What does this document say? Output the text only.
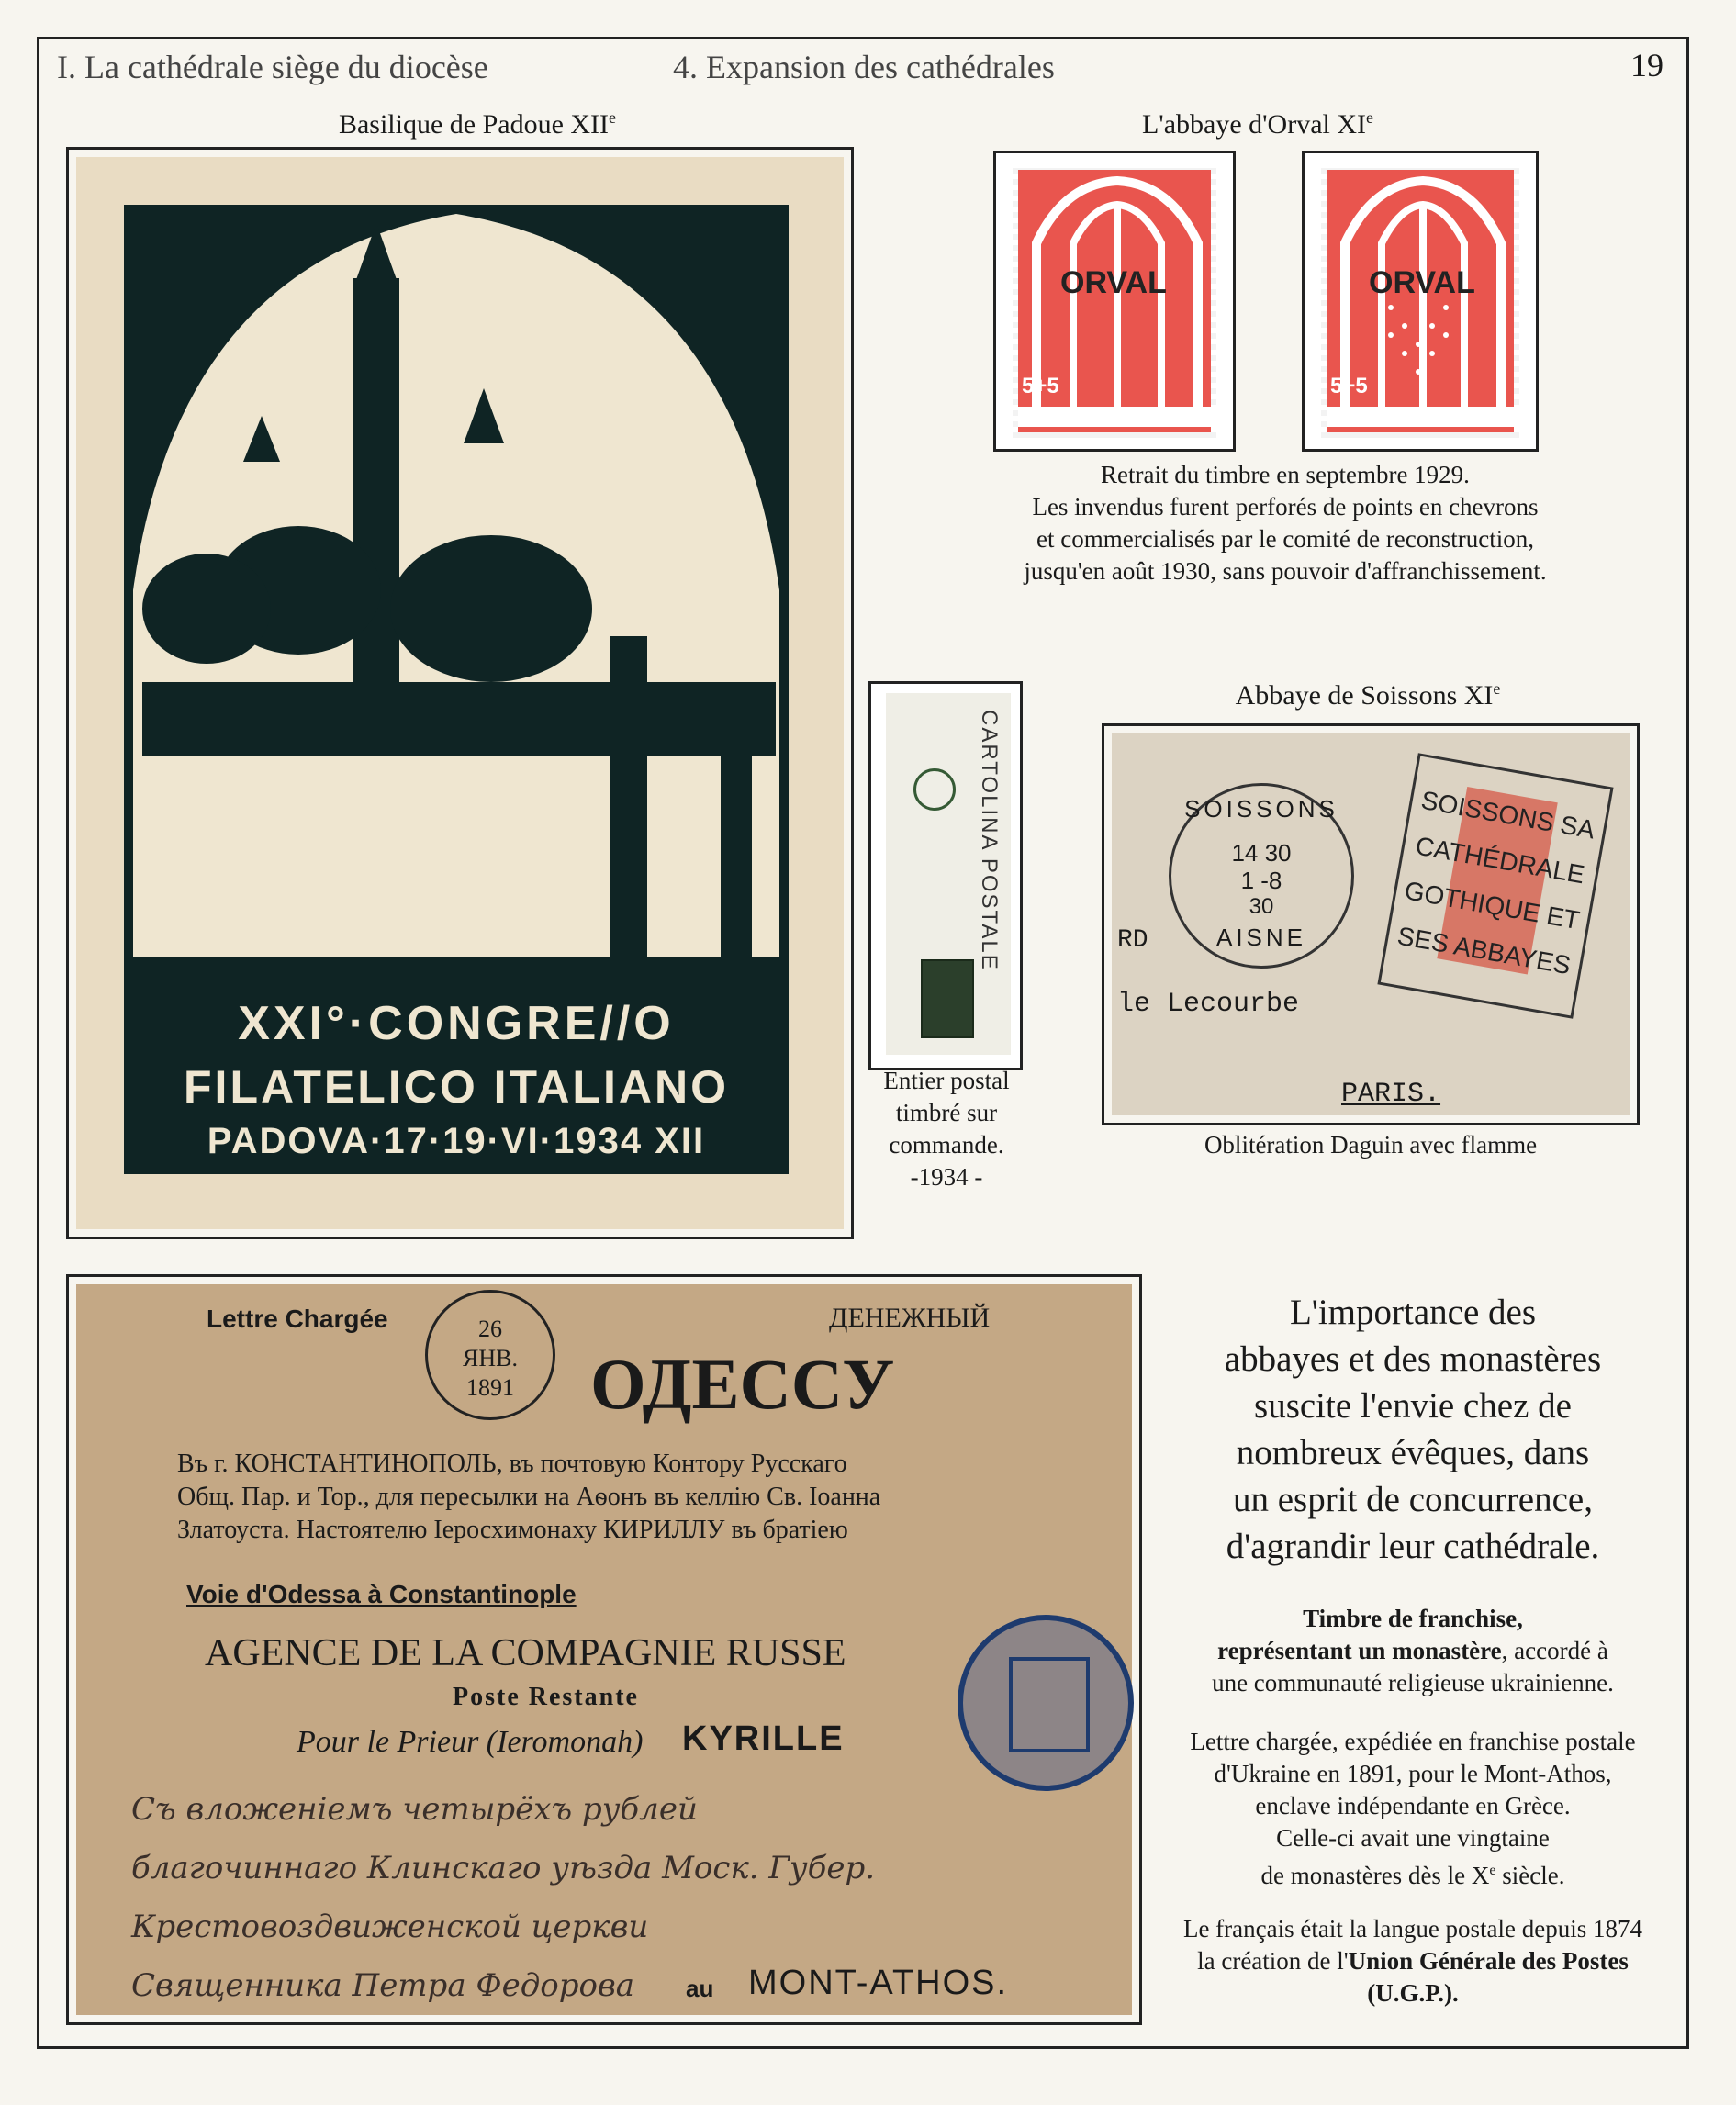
I. La cathédrale siège du diocèse	4. Expansion des cathédrales	19
Basilique de Padoue XIIe
XXI°·CONGRE//O
FILATELICO ITALIANO
PADOVA·17·19·VI·1934 XII
L'abbaye d'Orval XIe
ORVAL
5+5
ORVAL
5+5
Retrait du timbre en septembre 1929.
Les invendus furent perforés de points en chevrons
et commercialisés par le comité de reconstruction,
jusqu'en août 1930, sans pouvoir d'affranchissement.
CARTOLINA POSTALE
Entier postal
timbré sur
commande.
-1934 -
Abbaye de Soissons XIe
SOISSONS
14 30
1 -8
30
AISNE
SOISSONS SA
CATHÉDRALE
GOTHIQUE ET
SES ABBAYES
RD
le Lecourbe
PARIS.
Oblitération Daguin avec flamme
Lettre Chargée	ДЕНЕЖНЫЙ
26
ЯНВ.
1891	ОДЕССУ
Въ г. КОНСТАНТИНОПОЛЬ, въ почтовую Контору Русскаго
Общ. Пар. и Тор., для пересылки на Аѳонъ въ келлію Св. Іоанна
Златоуста. Настоятелю Іеросхимонаху КИРИЛЛУ въ братіею
Voie d'Odessa à Constantinople
AGENCE DE LA COMPAGNIE RUSSE
Poste Restante
Pour le Prieur (Ieromonah) KYRILLE
Съ вложеніемъ четырёхъ рублей
благочиннаго Клинскаго уѣзда Моск. Губер.
Крестовоздвиженской церкви
Священника Петра Федорова	au MONT-ATHOS.
L'importance des
abbayes et des monastères
suscite l'envie chez de
nombreux évêques, dans
un esprit de concurrence,
d'agrandir leur cathédrale.
Timbre de franchise,
représentant un monastère, accordé à
une communauté religieuse ukrainienne.
Lettre chargée, expédiée en franchise postale
d'Ukraine en 1891, pour le Mont-Athos,
enclave indépendante en Grèce.
Celle-ci avait une vingtaine
de monastères dès le Xe siècle.
Le français était la langue postale depuis 1874
la création de l'Union Générale des Postes
(U.G.P.).
